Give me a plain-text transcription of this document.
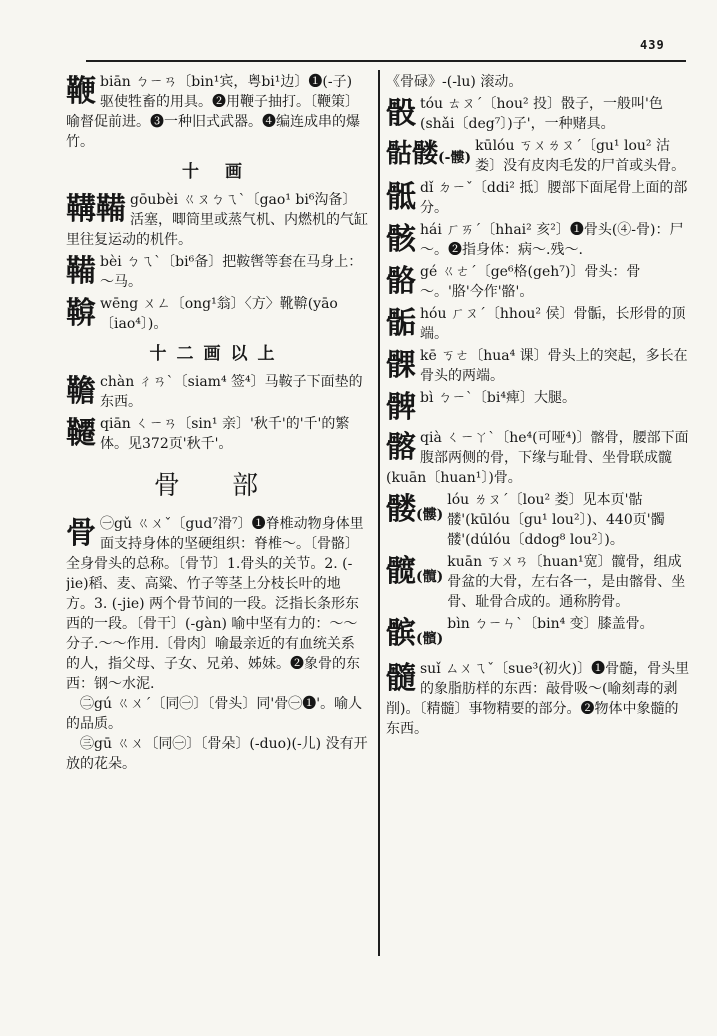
439
鞭 biān ㄅㄧㄢ〔bin¹宾，粤bi¹边〕❶(-子) 驱使牲畜的用具。❷用鞭子抽打。〔鞭策〕喻督促前进。❸一种旧式武器。❹编连成串的爆竹。
十 画
鞲鞴 gōubèi ㄍㄡㄅㄟˋ〔gao¹ bi⁶沟备〕活塞，唧筒里或蒸气机、内燃机的气缸里往复运动的机件。
鞴 bèi ㄅㄟˋ〔bi⁶备〕把鞍辔等套在马身上：～马。
鞥 wēng ㄨㄥ〔ong¹翁〕〈方〉靴鞥(yāo〔iao⁴〕)。
十二画以上
韂 chàn ㄔㄢˋ〔siam⁴ 签⁴〕马鞍子下面垫的东西。
韆 qiān ㄑㄧㄢ〔sin¹ 亲〕'秋千'的'千'的繁体。见372页'秋千'。
骨 部
骨 ㊀gǔ ㄍㄨˇ〔gud⁷滑⁷〕❶脊椎动物身体里面支持身体的坚硬组织：脊椎～。〔骨骼〕全身骨头的总称。〔骨节〕1.骨头的关节。2. (-jie)稻、麦、高粱、竹子等茎上分枝长叶的地方。3. (-jie) 两个骨节间的一段。泛指长条形东西的一段。〔骨干〕(-gàn) 喻中坚有力的：～～分子.～～作用.〔骨肉〕喻最亲近的有血统关系的人，指父母、子女、兄弟、姊妹。❷象骨的东西：钢～水泥.
㊁gú ㄍㄨˊ〔同㊀〕〔骨头〕同'骨㊀❶'。喻人的品质。
㊂gū ㄍㄨ〔同㊀〕〔骨朵〕(-duo)(-儿) 没有开放的花朵。
《骨碌》-(-lu) 滚动。
骰 tóu ㄊㄡˊ〔hou² 投〕骰子，一般叫'色(shǎi〔deg⁷〕)子'，一种赌具。
骷髅(-髏)
kūlóu ㄎㄨㄌㄡˊ〔gu¹ lou² 沽娄〕没有皮肉毛发的尸首或头骨。
骶 dǐ ㄉㄧˇ〔ddi² 抵〕腰部下面尾骨上面的部分。
骸 hái ㄏㄞˊ〔hhai² 亥²〕❶骨头(④-骨)：尸～。❷指身体：病～.残～.
骼 gé ㄍㄜˊ〔ge⁶格(geh⁷)〕骨头：骨～。'胳'今作'骼'。
骺 hóu ㄏㄡˊ〔hhou² 侯〕骨骺，长形骨的顶端。
髁 kē ㄎㄜ〔hua⁴ 课〕骨头上的突起，多长在骨头的两端。
髀 bì ㄅㄧˋ〔bi⁴痺〕大腿。
髂 qià ㄑㄧㄚˋ〔he⁴(可哑⁴)〕髂骨，腰部下面腹部两侧的骨，下缘与耻骨、坐骨联成髋(kuān〔huan¹〕)骨。
髅(髏)
lóu ㄌㄡˊ〔lou² 娄〕见本页'骷髅'(kūlóu〔gu¹ lou²〕)、440页'髑髅'(dúlóu〔ddog⁸ lou²〕)。
髋(髖)
kuān ㄎㄨㄢ〔huan¹宽〕髋骨，组成骨盆的大骨，左右各一，是由髂骨、坐骨、耻骨合成的。通称胯骨。
髌(髕)
bìn ㄅㄧㄣˋ〔bin⁴ 变〕膝盖骨。
髓 suǐ ㄙㄨㄟˇ〔sue³(初火)〕❶骨髓，骨头里的象脂肪样的东西：敲骨吸～(喻刻毒的剥削)。〔精髓〕事物精要的部分。❷物体中象髓的东西。
